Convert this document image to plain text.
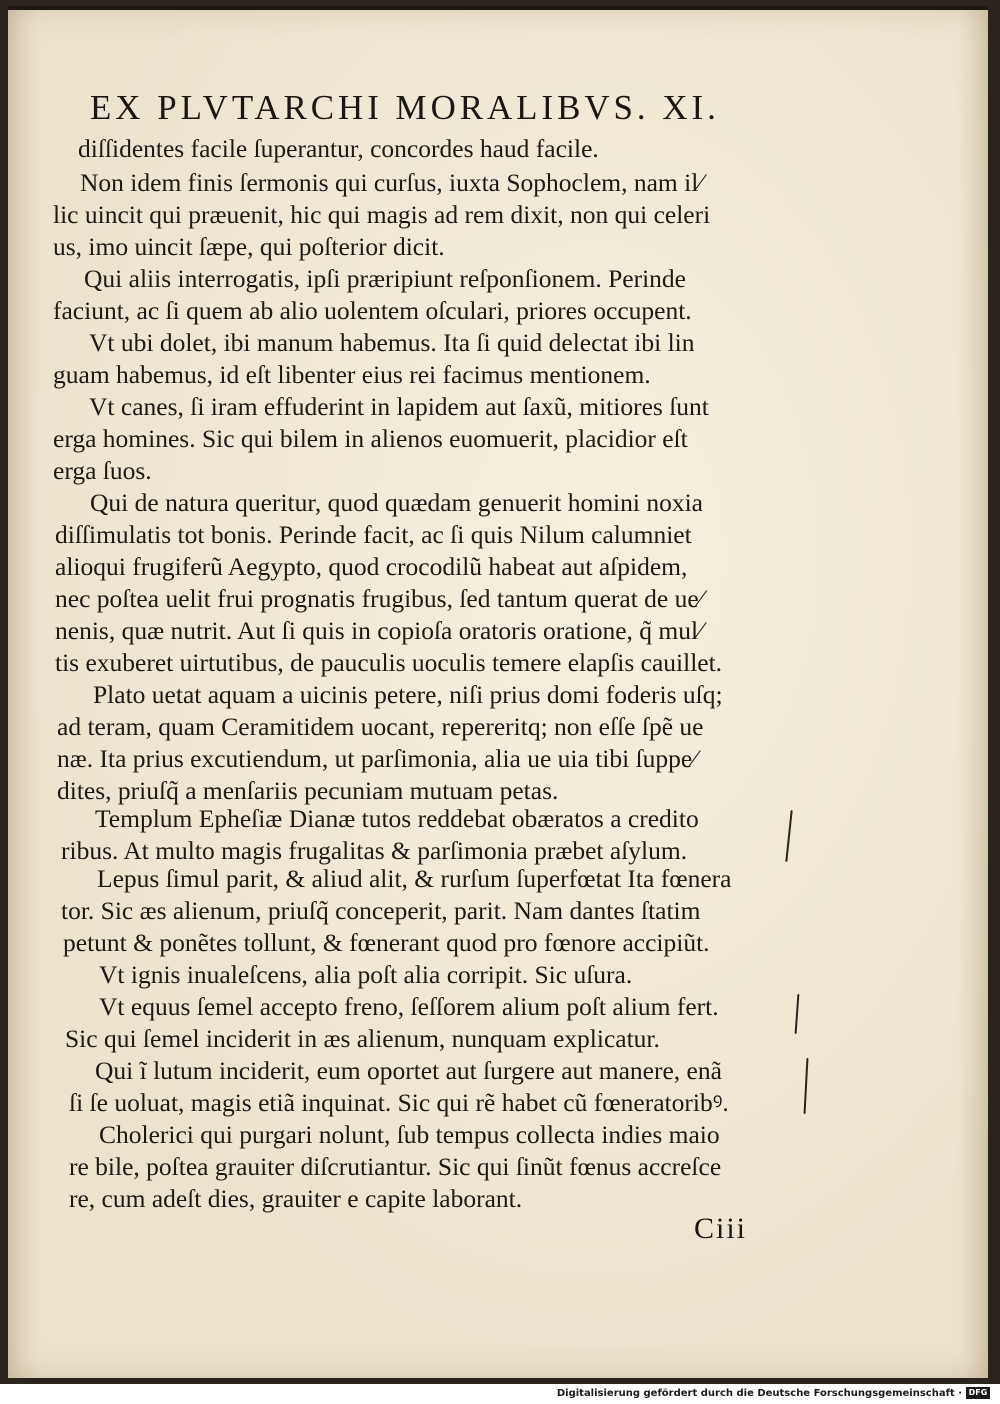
EX PLVTARCHI MORALIBVS. XI.
diſſidentes facile ſuperantur, concordes haud facile.
Non idem finis ſermonis qui curſus, iuxta Sophoclem, nam il⁄
lic uincit qui præuenit, hic qui magis ad rem dixit, non qui celeri
us, imo uincit ſæpe, qui poſterior dicit.
Qui aliis interrogatis, ipſi præripiunt reſponſionem. Perinde
faciunt, ac ſi quem ab alio uolentem oſculari, priores occupent.
Vt ubi dolet, ibi manum habemus. Ita ſi quid delectat ibi lin
guam habemus, id eſt libenter eius rei facimus mentionem.
Vt canes, ſi iram effuderint in lapidem aut ſaxũ, mitiores ſunt
erga homines. Sic qui bilem in alienos euomuerit, placidior eſt
erga ſuos.
Qui de natura queritur, quod quædam genuerit homini noxia
diſſimulatis tot bonis. Perinde facit, ac ſi quis Nilum calumniet
alioqui frugiferũ Aegypto, quod crocodilũ habeat aut aſpidem,
nec poſtea uelit frui prognatis frugibus, ſed tantum querat de ue⁄
nenis, quæ nutrit. Aut ſi quis in copioſa oratoris oratione, q̃ mul⁄
tis exuberet uirtutibus, de pauculis uoculis temere elapſis cauillet.
Plato uetat aquam a uicinis petere, niſi prius domi foderis uſq;
ad teram, quam Ceramitidem uocant, repereritq; non eſſe ſpẽ ue
næ. Ita prius excutiendum, ut parſimonia, alia ue uia tibi ſuppe⁄
dites, priuſq̃ a menſariis pecuniam mutuam petas.
Templum Epheſiæ Dianæ tutos reddebat obæratos a credito
ribus. At multo magis frugalitas & parſimonia præbet aſylum.
Lepus ſimul parit, & aliud alit, & rurſum ſuperfœtat Ita fœnera
tor. Sic æs alienum, priuſq̃ conceperit, parit. Nam dantes ſtatim
petunt & ponẽtes tollunt, & fœnerant quod pro fœnore accipiũt.
Vt ignis inualeſcens, alia poſt alia corripit. Sic uſura.
Vt equus ſemel accepto freno, ſeſſorem alium poſt alium fert.
Sic qui ſemel inciderit in æs alienum, nunquam explicatur.
Qui ĩ lutum inciderit, eum oportet aut ſurgere aut manere, enã
ſi ſe uoluat, magis etiã inquinat. Sic qui rẽ habet cũ fœneratoribꝰ.
Cholerici qui purgari nolunt, ſub tempus collecta indies maio
re bile, poſtea grauiter diſcrutiantur. Sic qui ſinũt fœnus accreſce
re, cum adeſt dies, grauiter e capite laborant.
Ciii
Digitalisierung gefördert durch die Deutsche Forschungsgemeinschaft · DFG
